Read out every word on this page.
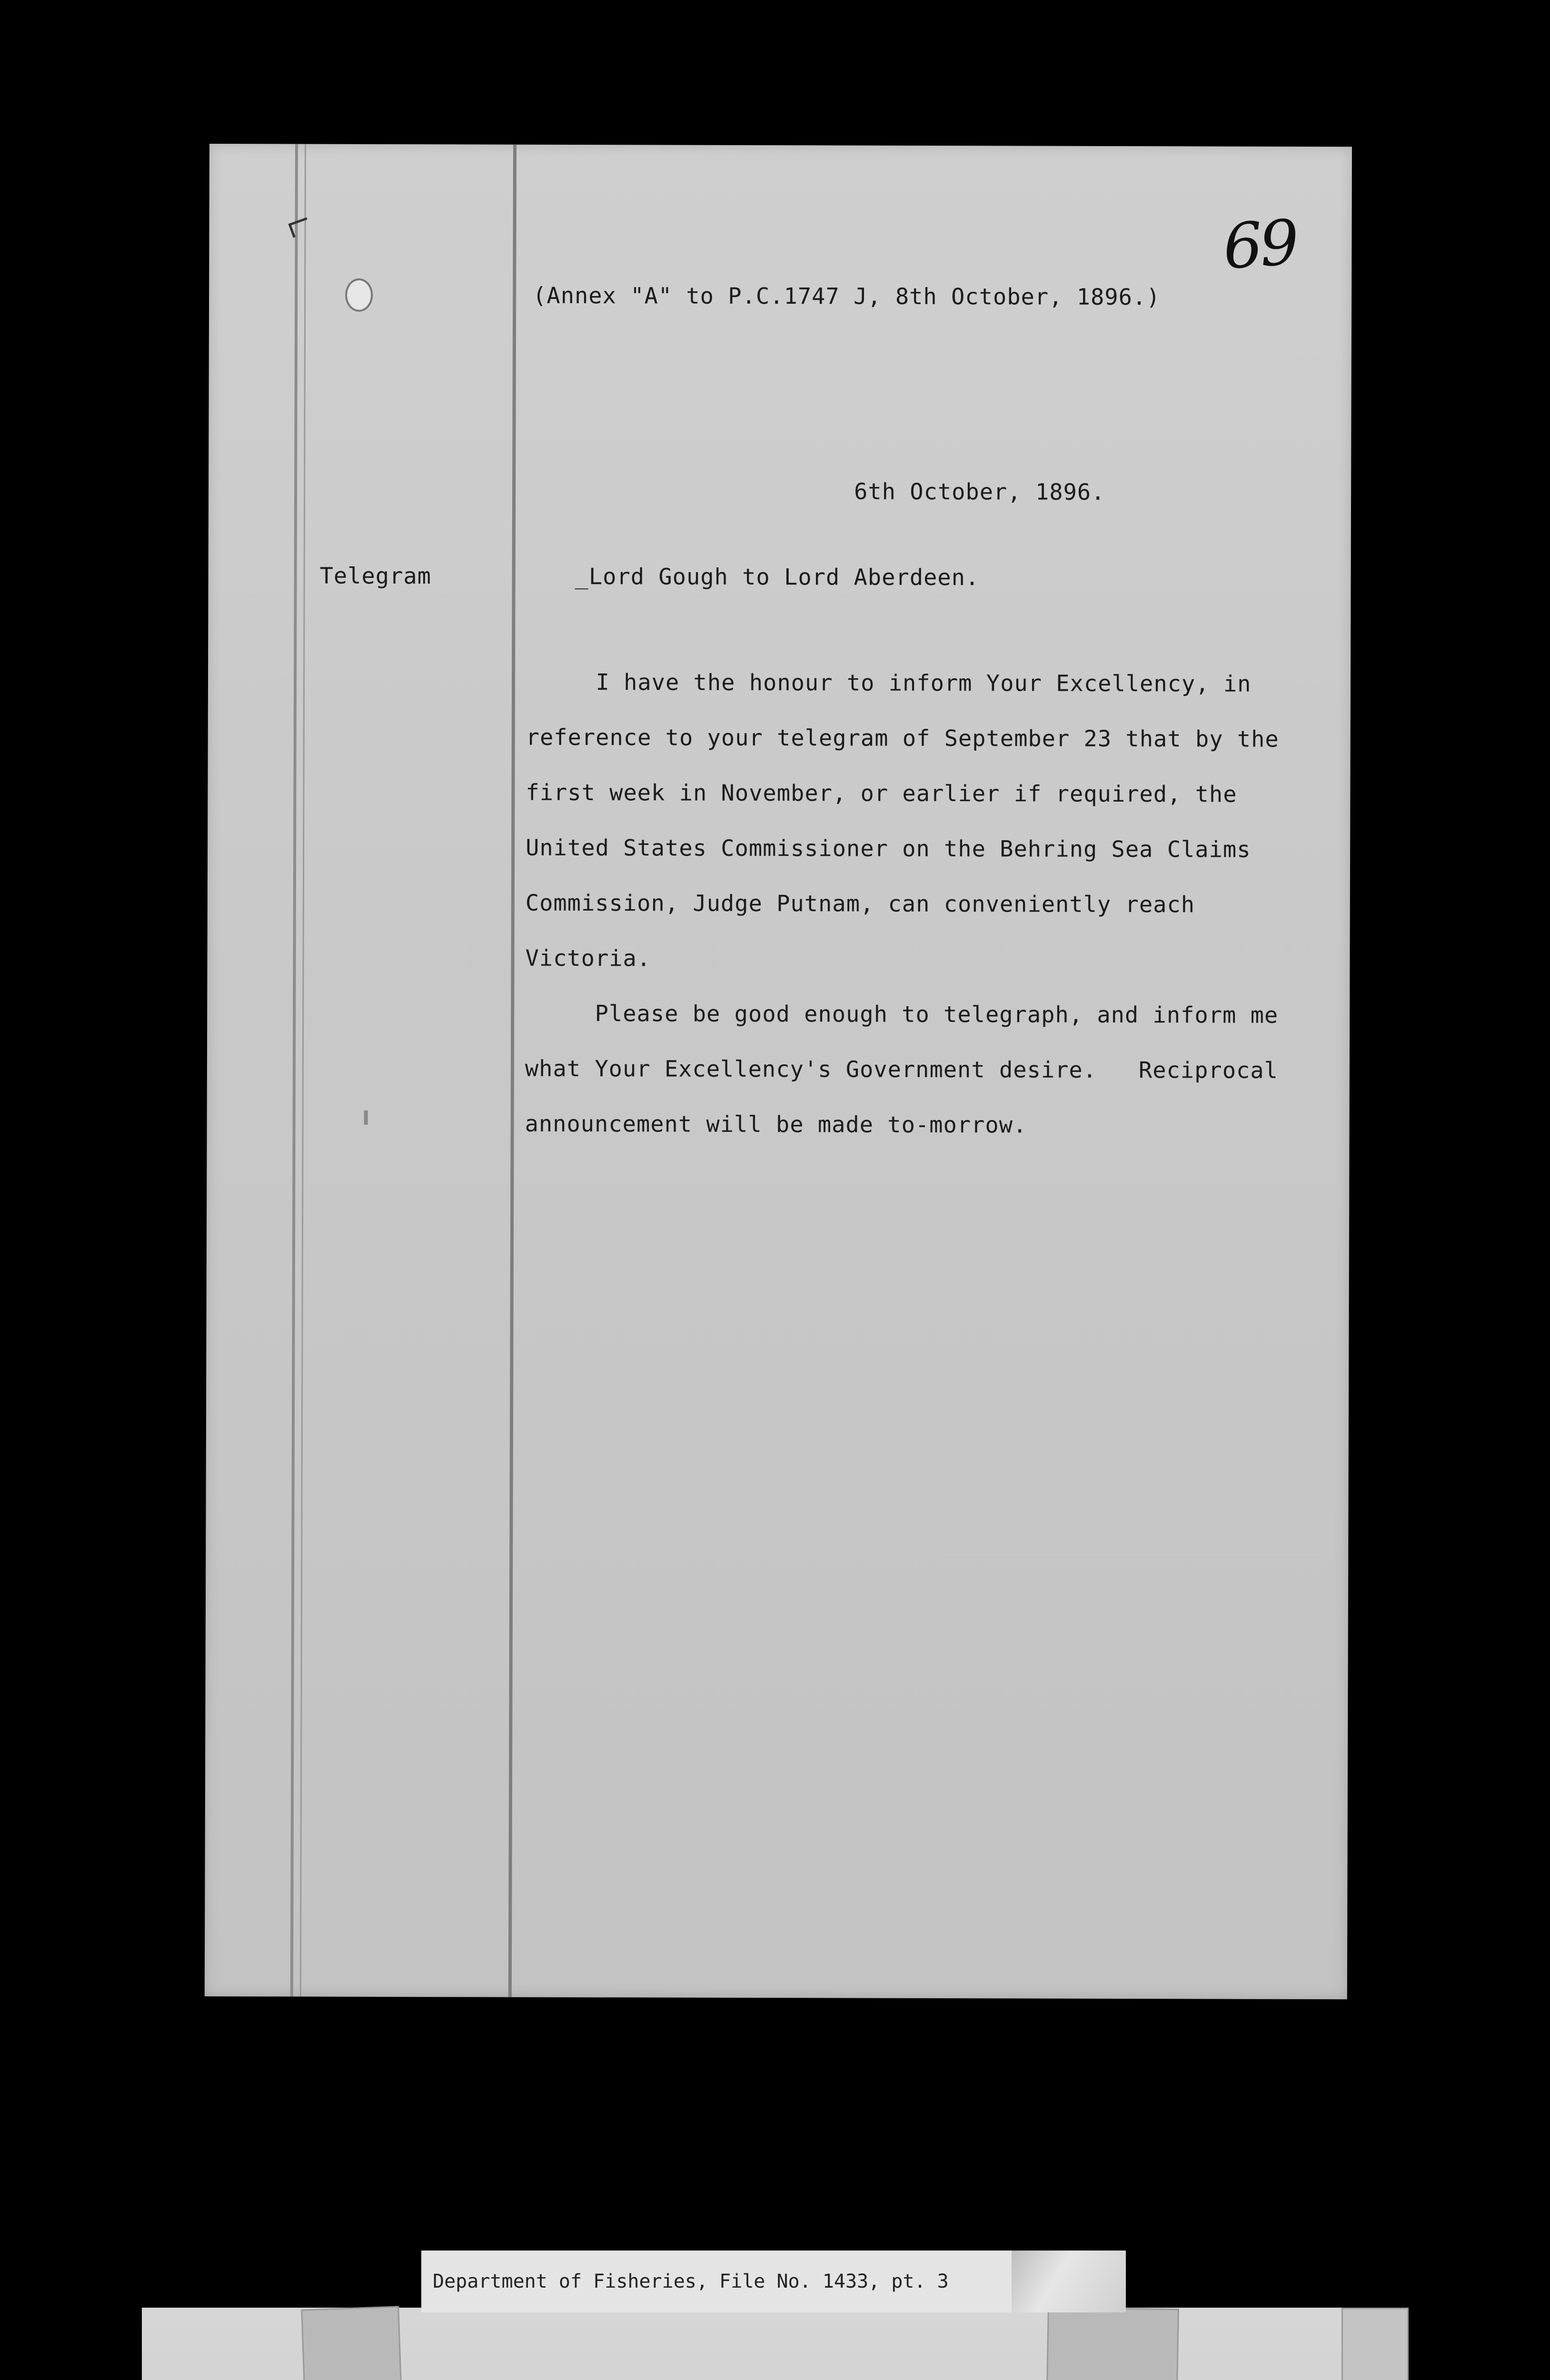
69
(Annex "A" to P.C.1747 J, 8th October, 1896.)
6th October, 1896.
Telegram	_Lord Gough to Lord Aberdeen.
I have the honour to inform Your Excellency, in
reference to your telegram of September 23 that by the
first week in November, or earlier if required, the
United States Commissioner on the Behring Sea Claims
Commission, Judge Putnam, can conveniently reach
Victoria.
Please be good enough to telegraph, and inform me
what Your Excellency's Government desire.   Reciprocal
announcement will be made to-morrow.
Department of Fisheries, File No. 1433, pt. 3
